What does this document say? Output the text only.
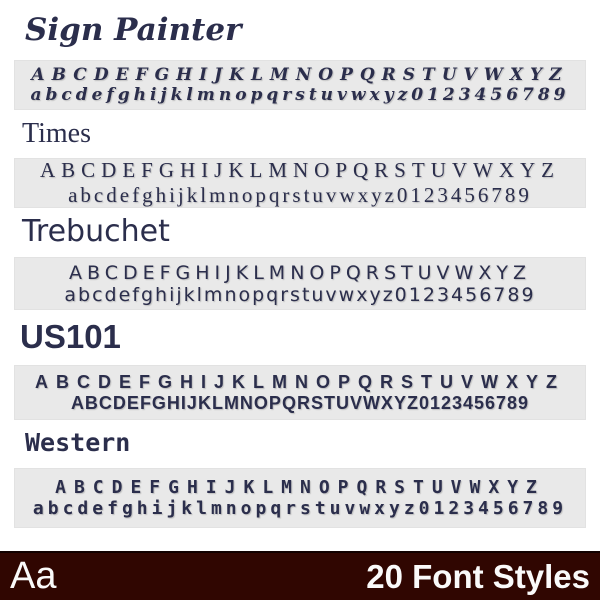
Sign Painter
ABCDEFGHIJKLMNOPQRSTUVWXYZ
abcdefghijklmnopqrstuvwxyz0123456789
Times
ABCDEFGHIJKLMNOPQRSTUVWXYZ
abcdefghijklmnopqrstuvwxyz0123456789
Trebuchet
ABCDEFGHIJKLMNOPQRSTUVWXYZ
abcdefghijklmnopqrstuvwxyz0123456789
US101
ABCDEFGHIJKLMNOPQRSTUVWXYZ
ABCDEFGHIJKLMNOPQRSTUVWXYZ0123456789
Western
ABCDEFGHIJKLMNOPQRSTUVWXYZ
abcdefghijklmnopqrstuvwxyz0123456789
Aa	20 Font Styles
